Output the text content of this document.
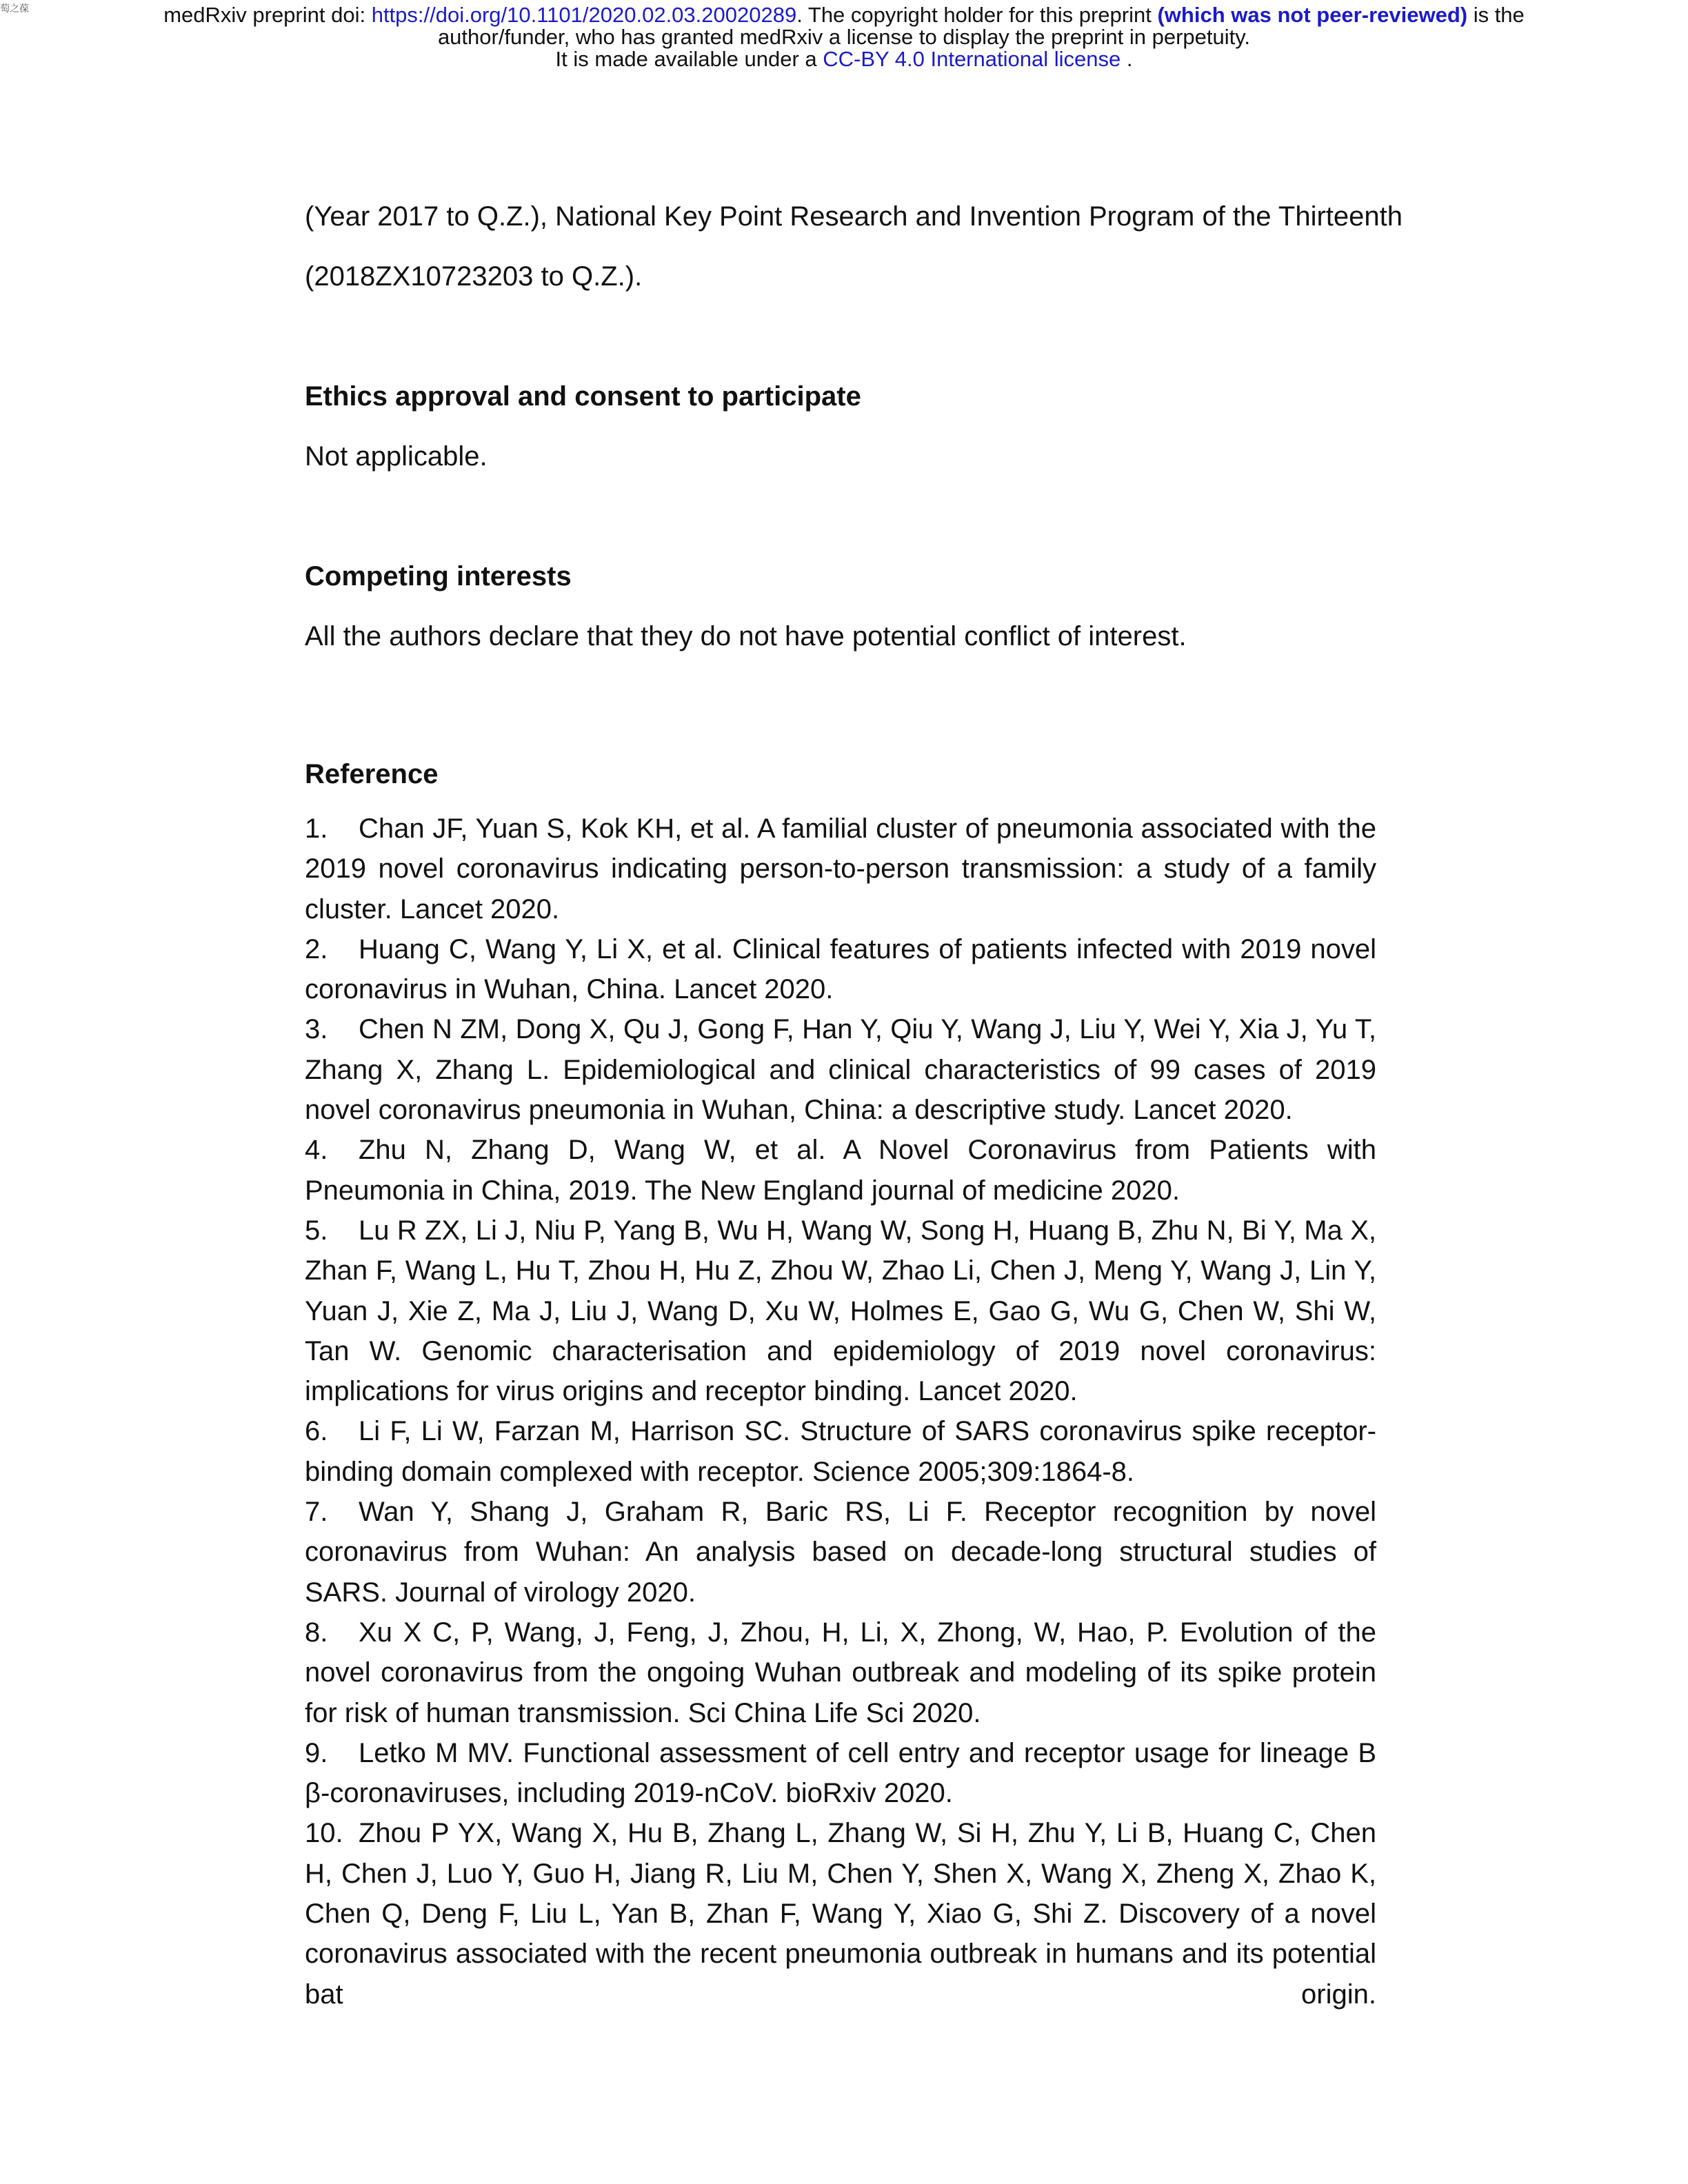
萄之葆	medRxiv preprint doi: https://doi.org/10.1101/2020.02.03.20020289. The copyright holder for this preprint (which was not peer-reviewed) is the
author/funder, who has granted medRxiv a license to display the preprint in perpetuity.
It is made available under a CC-BY 4.0 International license .

(Year 2017 to Q.Z.), National Key Point Research and Invention Program of the Thirteenth

(2018ZX10723203 to Q.Z.).

Ethics approval and consent to participate

Not applicable.

Competing interests

All the authors declare that they do not have potential conflict of interest.

Reference
1. Chan JF, Yuan S, Kok KH, et al. A familial cluster of pneumonia associated with the 2019 novel coronavirus indicating person-to-person transmission: a study of a family cluster. Lancet 2020.
2. Huang C, Wang Y, Li X, et al. Clinical features of patients infected with 2019 novel coronavirus in Wuhan, China. Lancet 2020.
3. Chen N ZM, Dong X, Qu J, Gong F, Han Y, Qiu Y, Wang J, Liu Y, Wei Y, Xia J, Yu T, Zhang X, Zhang L. Epidemiological and clinical characteristics of 99 cases of 2019 novel coronavirus pneumonia in Wuhan, China: a descriptive study. Lancet 2020.
4. Zhu N, Zhang D, Wang W, et al. A Novel Coronavirus from Patients with Pneumonia in China, 2019. The New England journal of medicine 2020.
5. Lu R ZX, Li J, Niu P, Yang B, Wu H, Wang W, Song H, Huang B, Zhu N, Bi Y, Ma X, Zhan F, Wang L, Hu T, Zhou H, Hu Z, Zhou W, Zhao Li, Chen J, Meng Y, Wang J, Lin Y, Yuan J, Xie Z, Ma J, Liu J, Wang D, Xu W, Holmes E, Gao G, Wu G, Chen W, Shi W, Tan W. Genomic characterisation and epidemiology of 2019 novel coronavirus: implications for virus origins and receptor binding. Lancet 2020.
6. Li F, Li W, Farzan M, Harrison SC. Structure of SARS coronavirus spike receptor-binding domain complexed with receptor. Science 2005;309:1864-8.
7. Wan Y, Shang J, Graham R, Baric RS, Li F. Receptor recognition by novel coronavirus from Wuhan: An analysis based on decade-long structural studies of SARS. Journal of virology 2020.
8. Xu X C, P, Wang, J, Feng, J, Zhou, H, Li, X, Zhong, W, Hao, P. Evolution of the novel coronavirus from the ongoing Wuhan outbreak and modeling of its spike protein for risk of human transmission. Sci China Life Sci 2020.
9. Letko M MV. Functional assessment of cell entry and receptor usage for lineage B β-coronaviruses, including 2019-nCoV. bioRxiv 2020.
10. Zhou P YX, Wang X, Hu B, Zhang L, Zhang W, Si H, Zhu Y, Li B, Huang C, Chen H, Chen J, Luo Y, Guo H, Jiang R, Liu M, Chen Y, Shen X, Wang X, Zheng X, Zhao K, Chen Q, Deng F, Liu L, Yan B, Zhan F, Wang Y, Xiao G, Shi Z. Discovery of a novel coronavirus associated with the recent pneumonia outbreak in humans and its potential bat origin.
